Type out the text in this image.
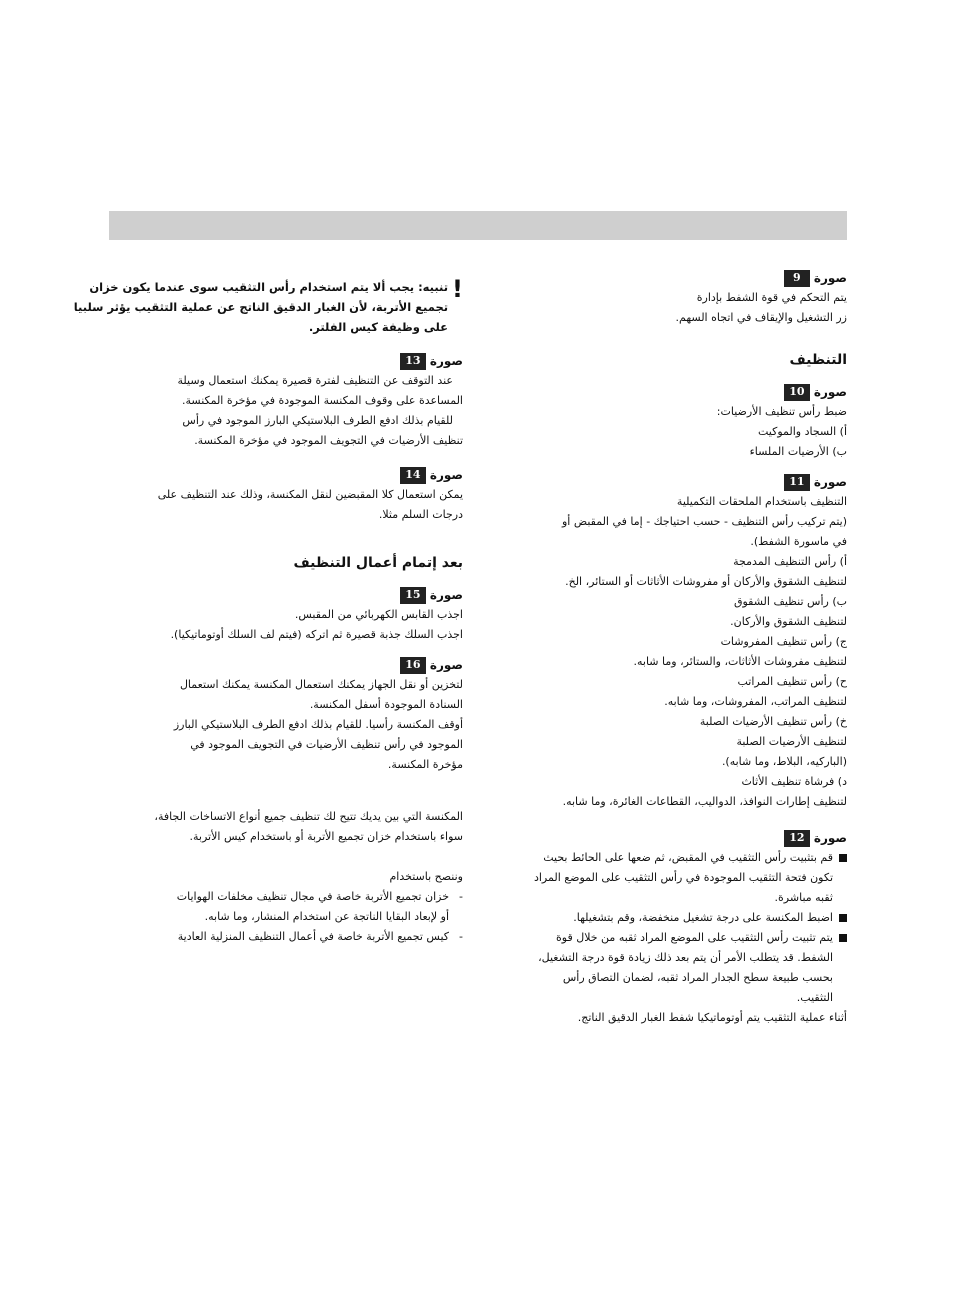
صورة
9
يتم التحكم في قوة الشفط بإدارة
زر التشغيل والإيقاف في اتجاه السهم.
التنظيف
صورة
10
ضبط رأس تنظيف الأرضيات:
أ) السجاد والموكيت
ب) الأرضيات الملساء
صورة
11
التنظيف باستخدام الملحقات التكميلية
(يتم تركيب رأس التنظيف - حسب احتياجك - إما في المقبض أو
في ماسورة الشفط).
أ) رأس التنظيف المدمجة
لتنظيف الشقوق والأركان أو مفروشات الأثاثات أو الستائر، الخ.
ب) رأس تنظيف الشقوق
لتنظيف الشقوق والأركان.
ج) رأس تنظيف المفروشات
لتنظيف مفروشات الأثاثات، والستائر، وما شابه.
ح) رأس تنظيف المراتب
لتنظيف المراتب، المفروشات، وما شابه.
خ) رأس تنظيف الأرضيات الصلبة
لتنظيف الأرضيات الصلبة
(الباركيه، البلاط، وما شابه).
د) فرشاة تنظيف الأثاث
لتنظيف إطارات النوافذ، الدواليب، القطاعات الغائرة، وما شابه.
صورة
12
قم بتثبيت رأس التثقيب في المقبض، ثم ضعها على الحائط بحيث
تكون فتحة التثقيب الموجودة في رأس التثقيب على الموضع المراد
ثقبه مباشرة.
اضبط المكنسة على درجة تشغيل منخفضة، وقم بتشغيلها.
يتم تثبيت رأس التثقيب على الموضع المراد ثقبه من خلال قوة
الشفط. قد يتطلب الأمر أن يتم بعد ذلك زيادة قوة درجة التشغيل،
بحسب طبيعة سطح الجدار المراد ثقبه، لضمان التصاق رأس
التثقيب.
أثناء عملية التثقيب يتم أوتوماتيكيا شفط الغبار الدقيق الناتج.
!
تنبيه: يجب ألا يتم استخدام رأس التثقيب سوى عندما يكون خزان
تجميع الأتربة، لأن الغبار الدقيق الناتج عن عملية التثقيب يؤثر سلبيا
على وظيفة كيس الفلتر.
صورة
13
عند التوقف عن التنظيف لفترة قصيرة يمكنك استعمال وسيلة
المساعدة على وقوف المكنسة الموجودة في مؤخرة المكنسة.
للقيام بذلك ادفع الطرف البلاستيكي البارز الموجود في رأس
تنظيف الأرضيات في التجويف الموجود في مؤخرة المكنسة.
صورة
14
يمكن استعمال كلا المقبضين لنقل المكنسة، وذلك عند التنظيف على
درجات السلم مثلا.
بعد إتمام أعمال التنظيف
صورة
15
اجذب القابس الكهربائي من المقبس.
اجذب السلك جذبة قصيرة ثم اتركه (فيتم لف السلك أوتوماتيكيا).
صورة
16
لتخزين أو نقل الجهاز يمكنك استعمال المكنسة يمكنك استعمال
السنادة الموجودة أسفل المكنسة.
أوقف المكنسة رأسيا. للقيام بذلك ادفع الطرف البلاستيكي البارز
الموجود في رأس تنظيف الأرضيات في التجويف الموجود في
مؤخرة المكنسة.
المكنسة التي بين يديك تتيح لك تنظيف جميع أنواع الاتساخات الجافة،
سواء باستخدام خزان تجميع الأتربة أو باستخدام كيس الأتربة.
وننصح باستخدام
-
خزان تجميع الأتربة خاصة في مجال تنظيف مخلفات الهوايات
أو لإبعاد البقايا الناتجة عن استخدام المنشار، وما شابه.
-
كيس تجميع الأتربة خاصة في أعمال التنظيف المنزلية العادية
